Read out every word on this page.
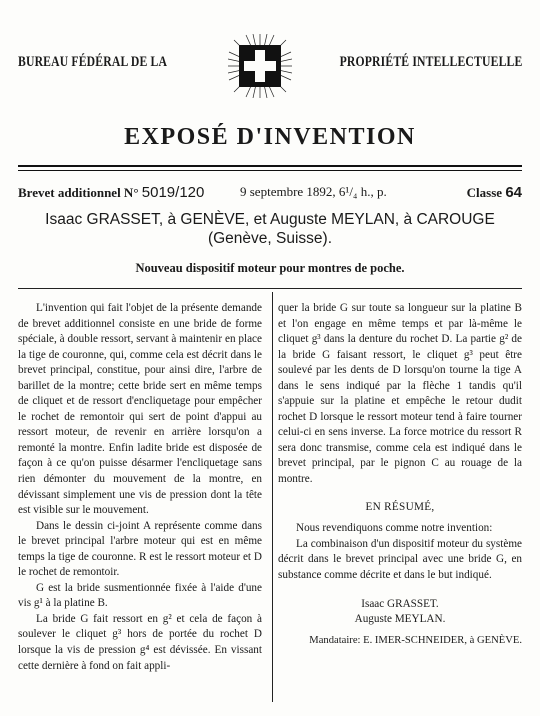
BUREAU FÉDÉRAL DE LA	PROPRIÉTÉ INTELLECTUELLE
EXPOSÉ D'INVENTION
Brevet additionnel N° 5019/120	9 septembre 1892, 6¹/₄ h., p.	Classe 64
Isaac GRASSET, à GENÈVE, et Auguste MEYLAN, à CAROUGE
(Genève, Suisse).
Nouveau dispositif moteur pour montres de poche.

L'invention qui fait l'objet de la présente demande de brevet additionnel consiste en une bride de forme spéciale, à double ressort, servant à maintenir en place la tige de couronne, qui, comme cela est décrit dans le brevet principal, constitue, pour ainsi dire, l'arbre de barillet de la montre; cette bride sert en même temps de cliquet et de ressort d'encliquetage pour empêcher le rochet de remontoir qui sert de point d'appui au ressort moteur, de revenir en arrière lorsqu'on a remonté la montre. Enfin ladite bride est disposée de façon à ce qu'on puisse désarmer l'encliquetage sans rien démonter du mouvement de la montre, en dévissant simplement une vis de pression dont la tête est visible sur le mouvement.

Dans le dessin ci-joint A représente comme dans le brevet principal l'arbre moteur qui est en même temps la tige de couronne. R est le ressort moteur et D le rochet de remontoir.

G est la bride susmentionnée fixée à l'aide d'une vis g¹ à la platine B.

La bride G fait ressort en g² et cela de façon à soulever le cliquet g³ hors de portée du rochet D lorsque la vis de pression g⁴ est dévissée. En vissant cette dernière à fond on fait appli-

quer la bride G sur toute sa longueur sur la platine B et l'on engage en même temps et par là-même le cliquet g³ dans la denture du rochet D. La partie g² de la bride G faisant ressort, le cliquet g³ peut être soulevé par les dents de D lorsqu'on tourne la tige A dans le sens indiqué par la flèche 1 tandis qu'il s'appuie sur la platine et empêche le retour dudit rochet D lorsque le ressort moteur tend à faire tourner celui-ci en sens inverse. La force motrice du ressort R sera donc transmise, comme cela est indiqué dans le brevet principal, par le pignon C au rouage de la montre.

EN RÉSUMÉ,

Nous revendiquons comme notre invention:

La combinaison d'un dispositif moteur du système décrit dans le brevet principal avec une bride G, en substance comme décrite et dans le but indiqué.

Isaac GRASSET.
Auguste MEYLAN.
Mandataire: E. IMER-SCHNEIDER, à GENÈVE.
